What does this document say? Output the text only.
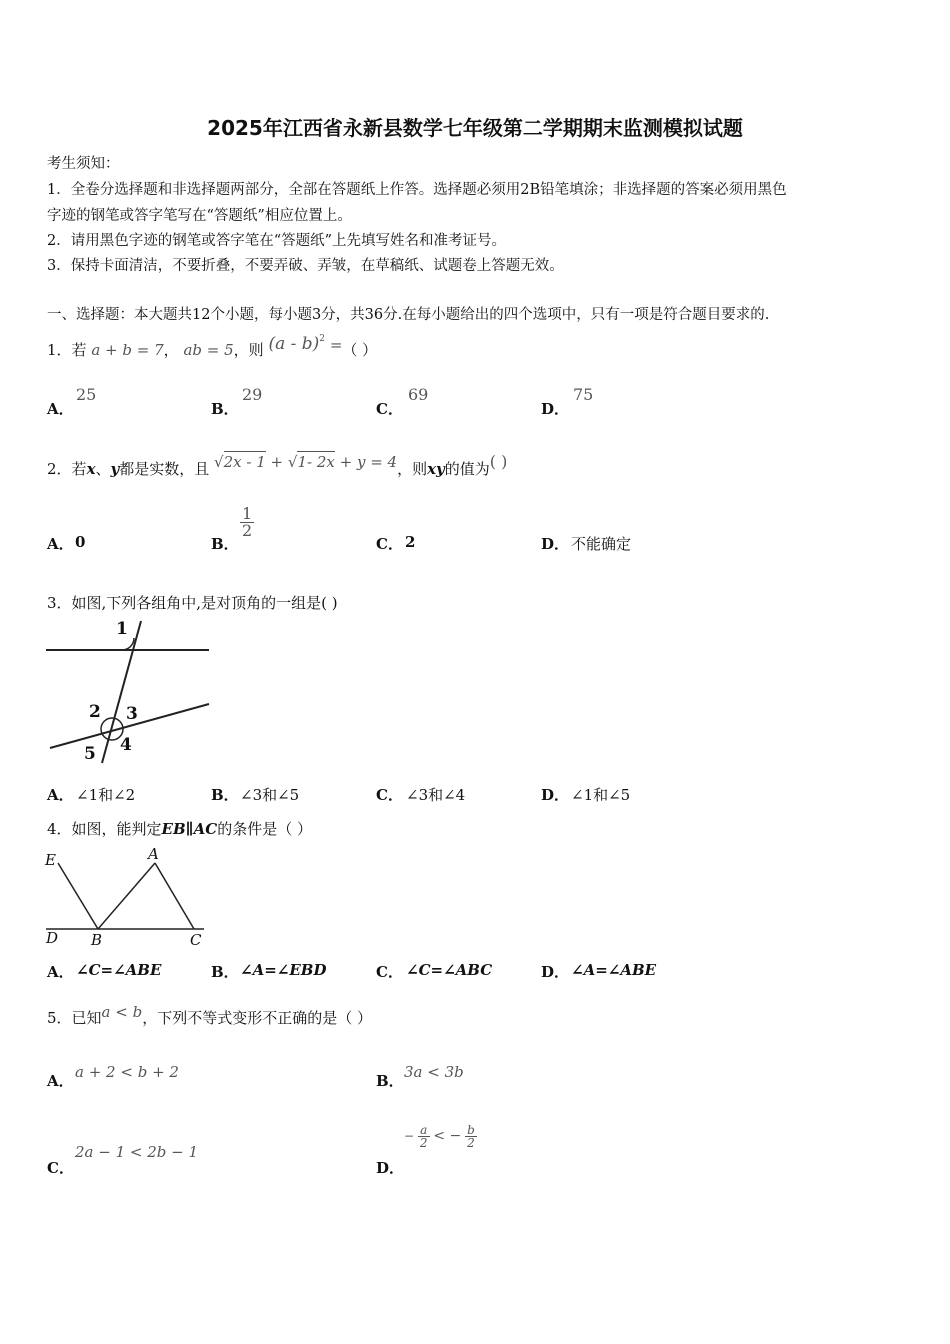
2025年江西省永新县数学七年级第二学期期末监测模拟试题
考生须知：
1．全卷分选择题和非选择题两部分，全部在答题纸上作答。选择题必须用2B铅笔填涂；非选择题的答案必须用黑色
字迹的钢笔或答字笔写在“答题纸”相应位置上。
2．请用黑色字迹的钢笔或答字笔在“答题纸”上先填写姓名和准考证号。
3．保持卡面清洁，不要折叠，不要弄破、弄皱，在草稿纸、试题卷上答题无效。
一、选择题：本大题共12个小题，每小题3分，共36分.在每小题给出的四个选项中，只有一项是符合题目要求的.
1．若 a + b = 7， ab = 5，则 (a - b)$^2$ =（ ）
A．
25
B．
29
C．
69
D．
75
2．若x、y都是实数，且 √2x - 1 + √1- 2x + y = 4，则xy的值为( )
A． 0	B．
$\frac{1}{2}$
C． 2	D． 不能确定
3．如图,下列各组角中,是对顶角的一组是( )
1
2 3
5 4
A． ∠1和∠2	B． ∠3和∠5	C． ∠3和∠4	D． ∠1和∠5
4．如图，能判定EB∥AC的条件是（ ）
E	A
D B	C
A． ∠C=∠ABE	B． ∠A=∠EBD	C． ∠C=∠ABC	D． ∠A=∠ABE
5．已知a < b，下列不等式变形不正确的是（ ）
A． a + 2 < b + 2	B． 3a < 3b
C．
2a − 1 < 2b − 1
D．
− $\frac{a}{2}$ < − $\frac{b}{2}$
